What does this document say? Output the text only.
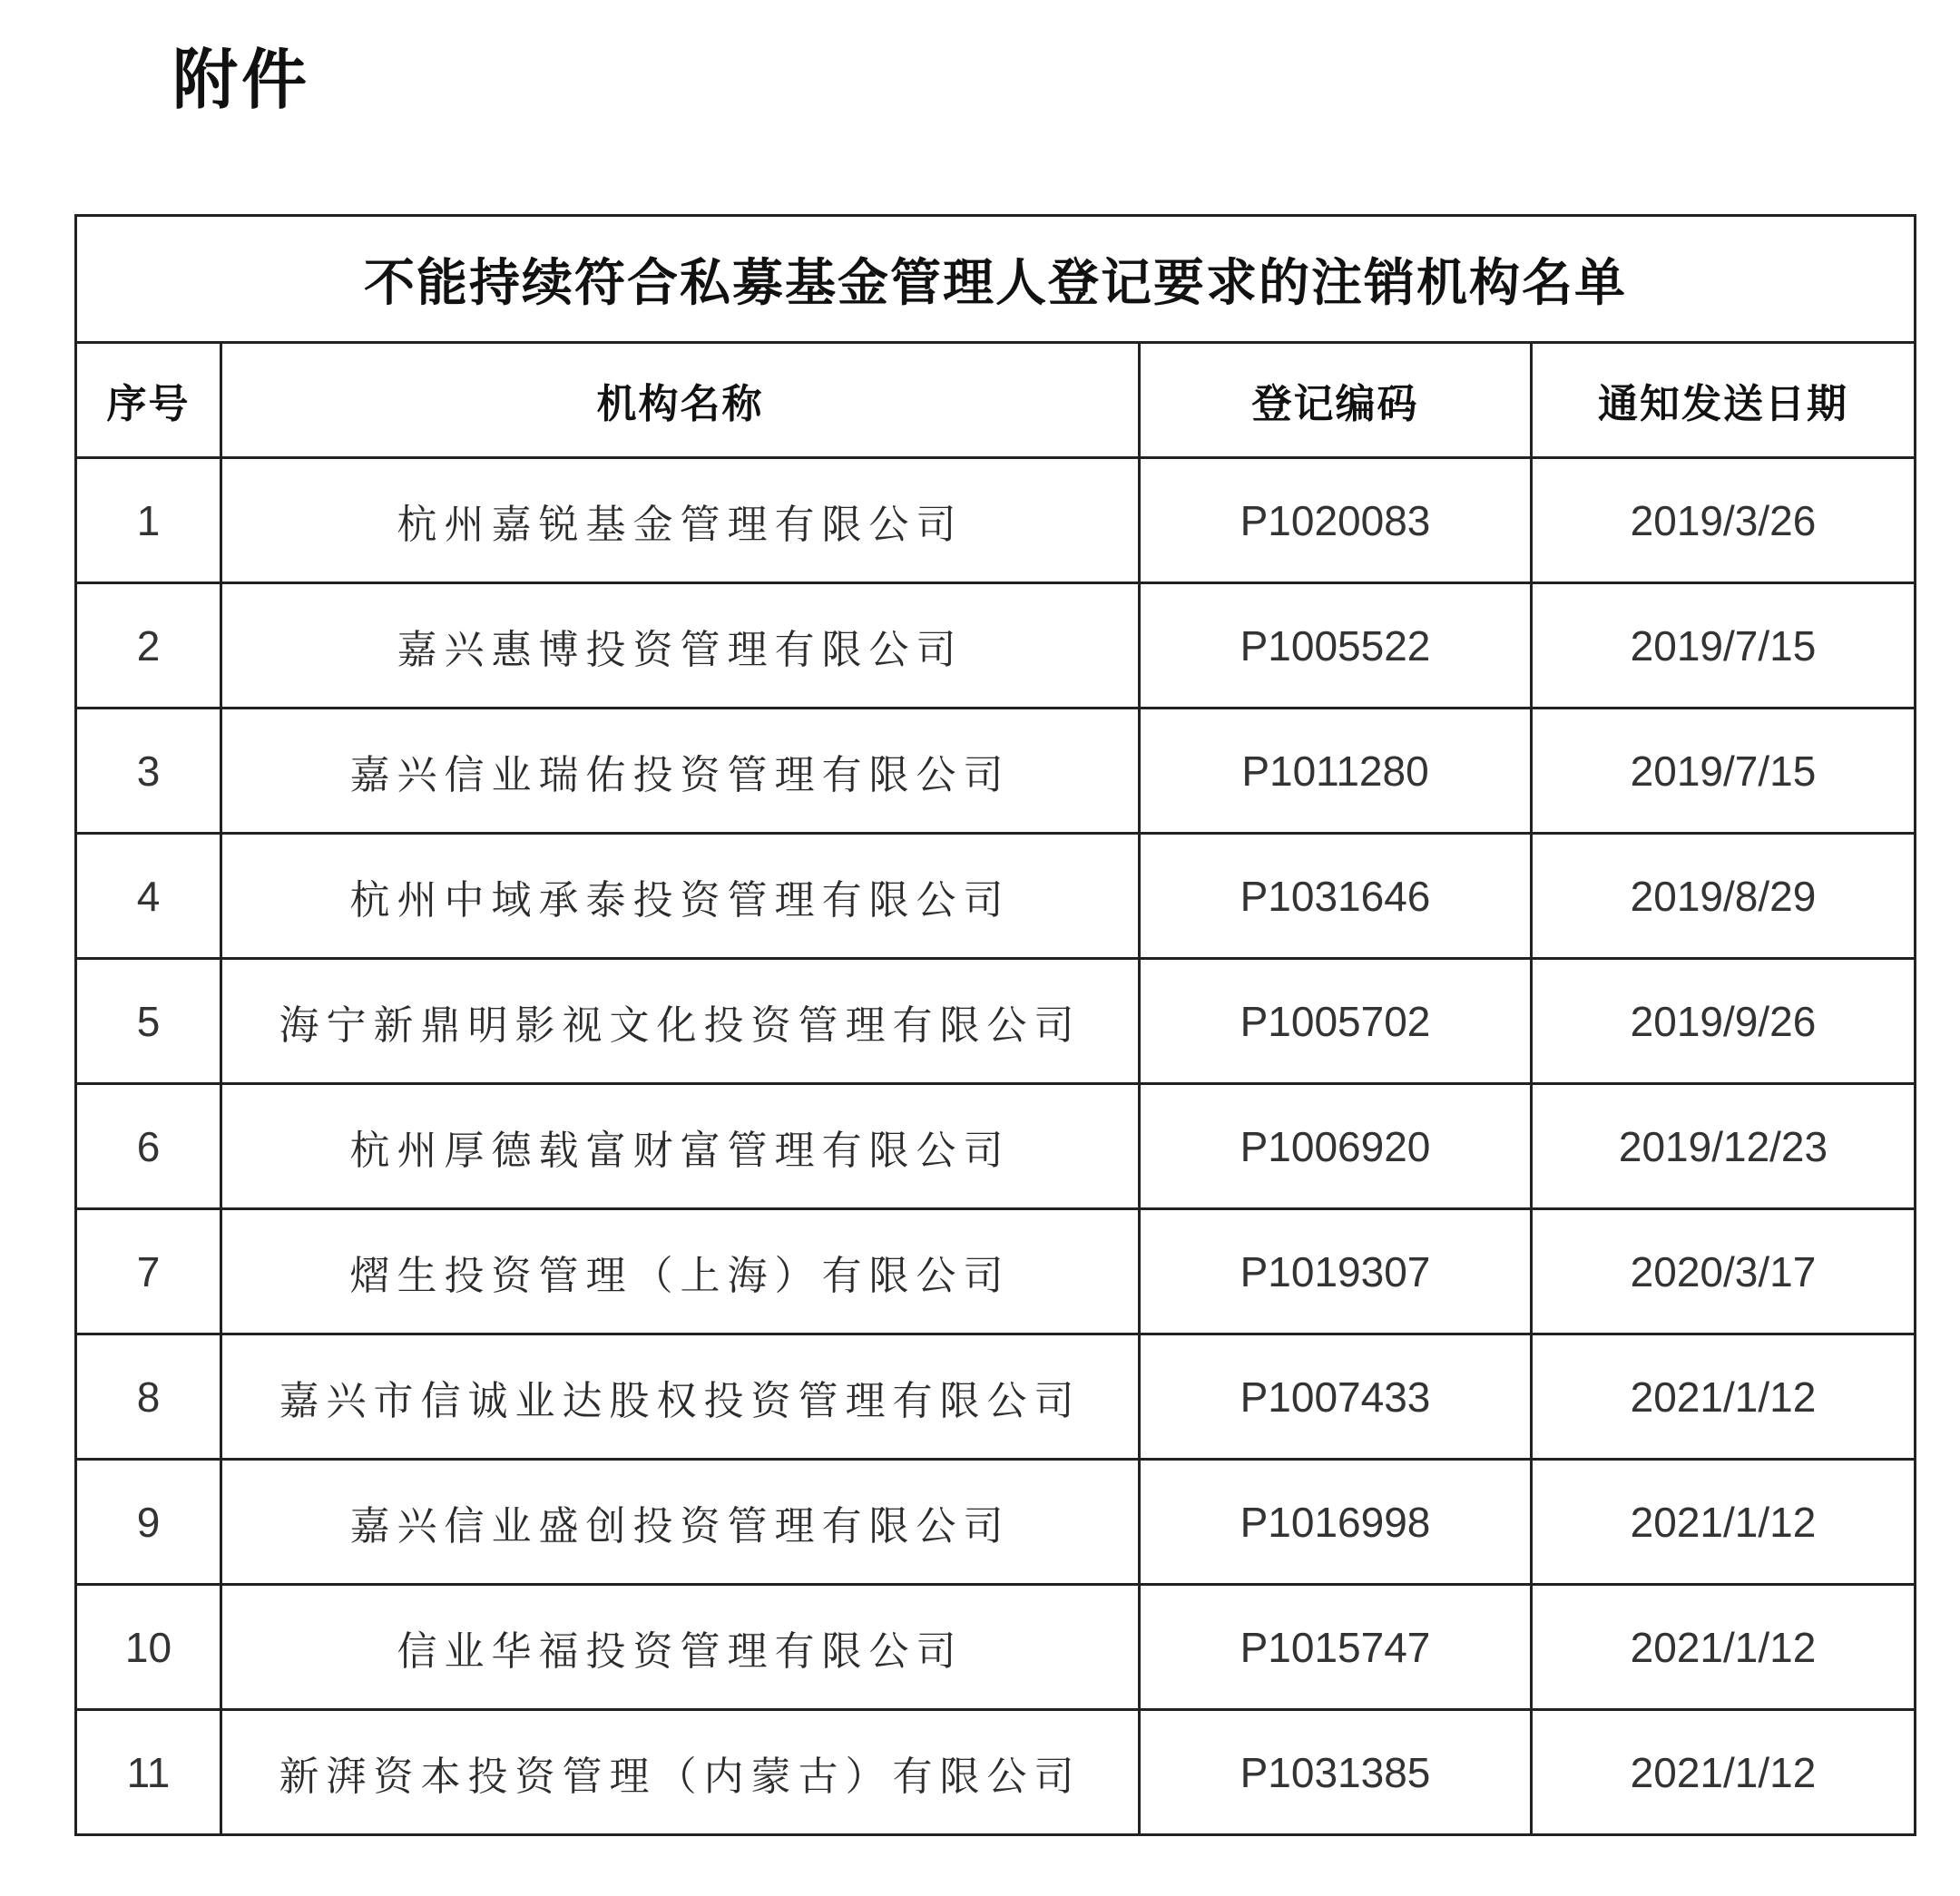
附件
不能持续符合私募基金管理人登记要求的注销机构名单			
序号	机构名称	登记编码	通知发送日期
1	杭州嘉锐基金管理有限公司	P1020083	2019/3/26
2	嘉兴惠博投资管理有限公司	P1005522	2019/7/15
3	嘉兴信业瑞佑投资管理有限公司	P1011280	2019/7/15
4	杭州中域承泰投资管理有限公司	P1031646	2019/8/29
5	海宁新鼎明影视文化投资管理有限公司	P1005702	2019/9/26
6	杭州厚德载富财富管理有限公司	P1006920	2019/12/23
7	熠生投资管理（上海）有限公司	P1019307	2020/3/17
8	嘉兴市信诚业达股权投资管理有限公司	P1007433	2021/1/12
9	嘉兴信业盛创投资管理有限公司	P1016998	2021/1/12
10	信业华福投资管理有限公司	P1015747	2021/1/12
11	新湃资本投资管理（内蒙古）有限公司	P1031385	2021/1/12
